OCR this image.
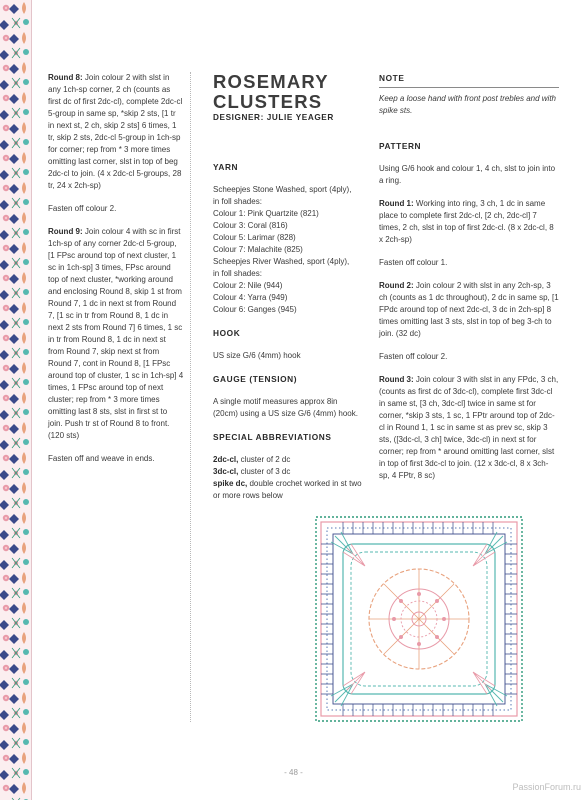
Round 8: Join colour 2 with slst in any 1ch-sp corner, 2 ch (counts as first dc of first 2dc-cl), complete 2dc-cl 5-group in same sp, *skip 2 sts, [1 tr in next st, 2 ch, skip 2 sts] 6 times, 1 tr, skip 2 sts, 2dc-cl 5-group in 1ch-sp for corner; rep from * 3 more times omitting last corner, slst in top of beg 2dc-cl to join. (4 x 2dc-cl 5-groups, 28 tr, 24 x 2ch-sp)

Fasten off colour 2.

Round 9: Join colour 4 with sc in first 1ch-sp of any corner 2dc-cl 5-group, [1 FPsc around top of next cluster, 1 sc in 1ch-sp] 3 times, FPsc around top of next cluster, *working around and enclosing Round 8, skip 1 st from Round 7, 1 dc in next st from Round 7, [1 sc in tr from Round 8, 1 dc in next 2 sts from Round 7] 6 times, 1 sc in tr from Round 8, 1 dc in next st from Round 7, skip next st from Round 7, cont in Round 8, [1 FPsc around top of cluster, 1 sc in 1ch-sp] 4 times, 1 FPsc around top of next cluster; rep from * 3 more times omitting last 8 sts, slst in first st to join. Push tr st of Round 8 to front. (120 sts)

Fasten off and weave in ends.

ROSEMARY
CLUSTERS

DESIGNER: JULIE YEAGER

YARN

Scheepjes Stone Washed, sport (4ply),
in foll shades:
Colour 1: Pink Quartzite (821)
Colour 3: Coral (816)
Colour 5: Larimar (828)
Colour 7: Malachite (825)
Scheepjes River Washed, sport (4ply),
in foll shades:
Colour 2: Nile (944)
Colour 4: Yarra (949)
Colour 6: Ganges (945)

HOOK

US size G/6 (4mm) hook

GAUGE (TENSION)

A single motif measures approx 8in (20cm) using a US size G/6 (4mm) hook.

SPECIAL ABBREVIATIONS

2dc-cl, cluster of 2 dc
3dc-cl, cluster of 3 dc
spike dc, double crochet worked in st two or more rows below

NOTE

Keep a loose hand with front post trebles and with spike sts.

PATTERN

Using G/6 hook and colour 1, 4 ch, slst to join into a ring.

Round 1: Working into ring, 3 ch, 1 dc in same place to complete first 2dc-cl, [2 ch, 2dc-cl] 7 times, 2 ch, slst in top of first 2dc-cl. (8 x 2dc-cl, 8 x 2ch-sp)

Fasten off colour 1.

Round 2: Join colour 2 with slst in any 2ch-sp, 3 ch (counts as 1 dc throughout), 2 dc in same sp, [1 FPdc around top of next 2dc-cl, 3 dc in 2ch-sp] 8 times omitting last 3 sts, slst in top of beg 3-ch to join. (32 dc)

Fasten off colour 2.

Round 3: Join colour 3 with slst in any FPdc, 3 ch, (counts as first dc of 3dc-cl), complete first 3dc-cl in same st, [3 ch, 3dc-cl] twice in same st for corner, *skip 3 sts, 1 sc, 1 FPtr around top of 2dc-cl in Round 1, 1 sc in same st as prev sc, skip 3 sts, ([3dc-cl, 3 ch] twice, 3dc-cl) in next st for corner; rep from * around omitting last corner, slst in top of first 3dc-cl to join. (12 x 3dc-cl, 8 x 3ch-sp, 4 FPtr, 8 sc)

- 48 -
PassionForum.ru
